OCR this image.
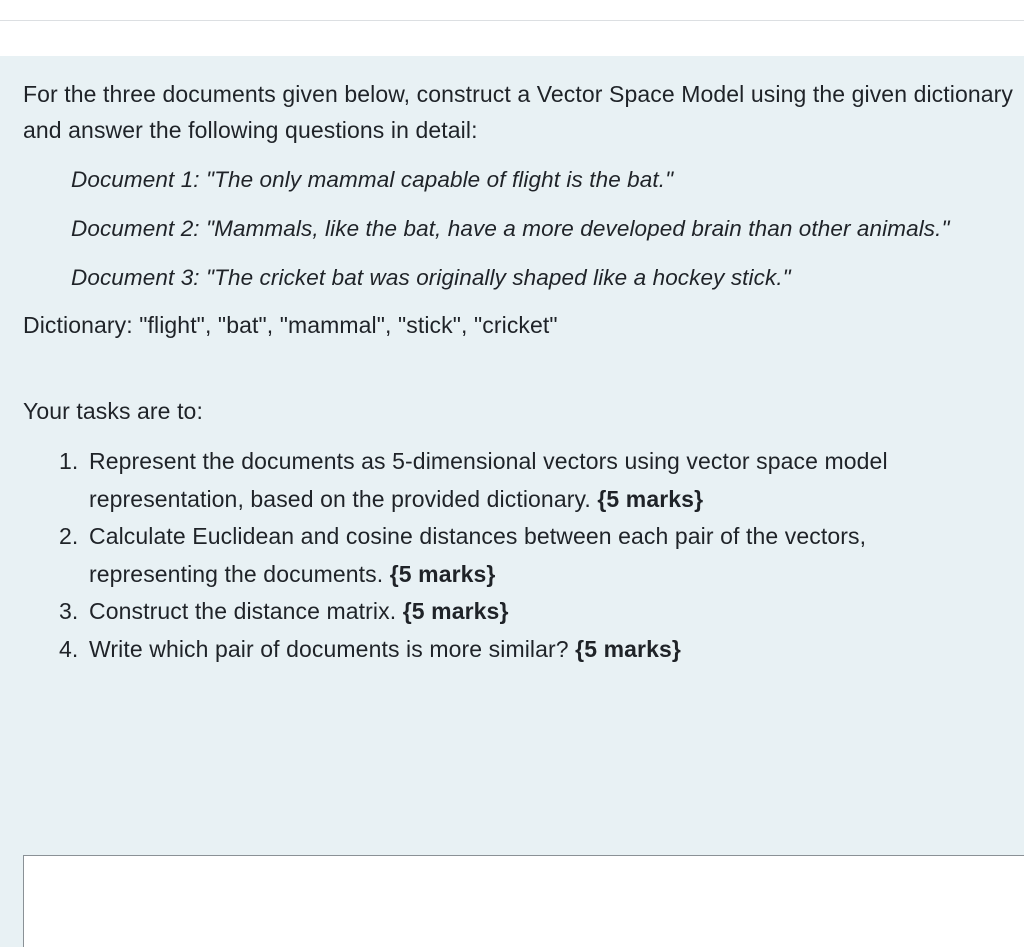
For the three documents given below, construct a Vector Space Model using the given dictionary and answer the following questions in detail:

Document 1: "The only mammal capable of flight is the bat."

Document 2: "Mammals, like the bat, have a more developed brain than other animals."

Document 3: "The cricket bat was originally shaped like a hockey stick."

Dictionary: "flight", "bat", "mammal", "stick", "cricket"

Your tasks are to:

1. Represent the documents as 5-dimensional vectors using vector space model representation, based on the provided dictionary. {5 marks}
2. Calculate Euclidean and cosine distances between each pair of the vectors, representing the documents. {5 marks}
3. Construct the distance matrix. {5 marks}
4. Write which pair of documents is more similar? {5 marks}
